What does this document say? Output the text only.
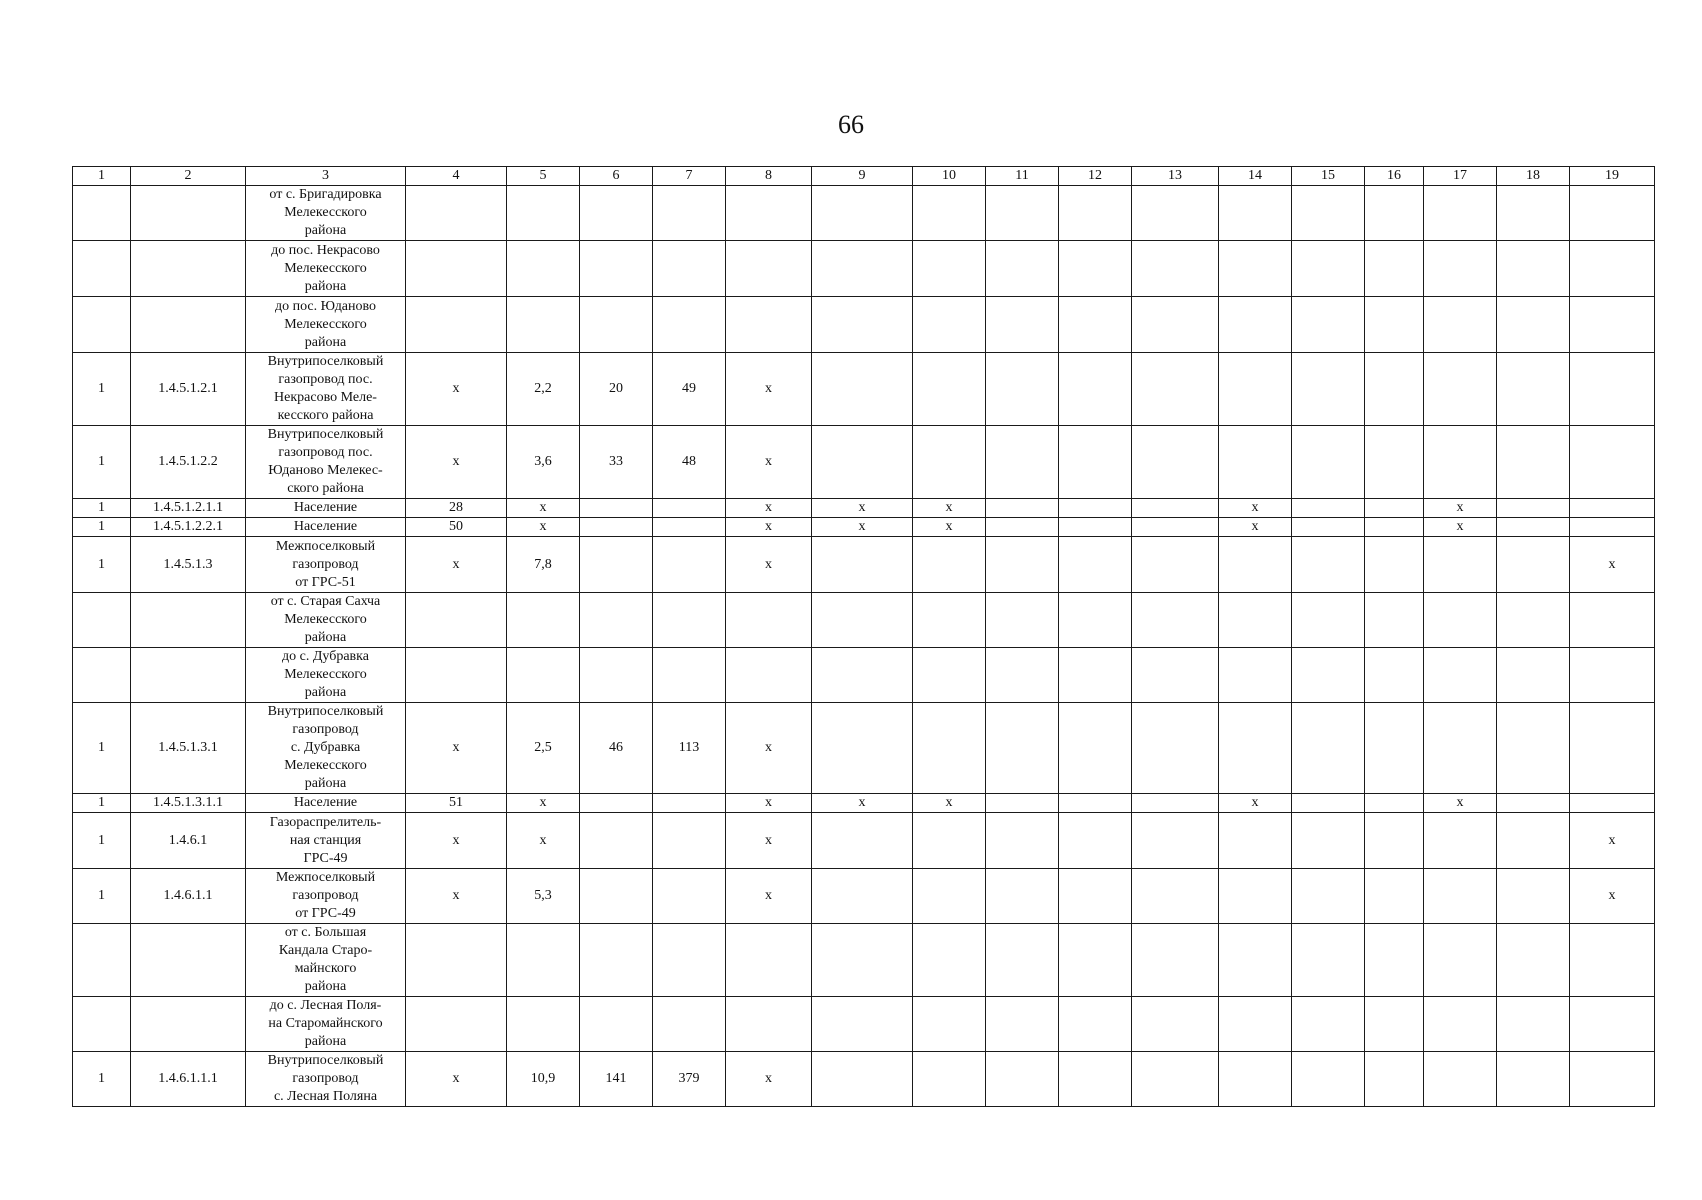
66
1	2	3	4	5	6	7	8	9	10	11	12	13	14	15	16	17	18	19
		от с. Бригадировка
Мелекесского
района																
		до пос. Некрасово
Мелекесского
района																
		до пос. Юданово
Мелекесского
района																
1	1.4.5.1.2.1	Внутрипоселковый
газопровод пос.
Некрасово Меле-
кесского района	х	2,2	20	49	х											
1	1.4.5.1.2.2	Внутрипоселковый
газопровод пос.
Юданово Мелекес-
ского района	х	3,6	33	48	х											
1	1.4.5.1.2.1.1	Население	28	х			х	х	х				х			х		
1	1.4.5.1.2.2.1	Население	50	х			х	х	х				х			х		
1	1.4.5.1.3	Межпоселковый
газопровод
от ГРС-51	х	7,8			х											х
		от с. Старая Сахча
Мелекесского
района																
		до с. Дубравка
Мелекесского
района																
1	1.4.5.1.3.1	Внутрипоселковый
газопровод
с. Дубравка
Мелекесского
района	х	2,5	46	113	х											
1	1.4.5.1.3.1.1	Население	51	х			х	х	х				х			х		
1	1.4.6.1	Газораспрелитель-
ная станция
ГРС-49	х	х			х											х
1	1.4.6.1.1	Межпоселковый
газопровод
от ГРС-49	х	5,3			х											х
		от с. Большая
Кандала Старо-
майнского
района																
		до с. Лесная Поля-
на Старомайнского
района																
1	1.4.6.1.1.1	Внутрипоселковый
газопровод
с. Лесная Поляна	х	10,9	141	379	х											
